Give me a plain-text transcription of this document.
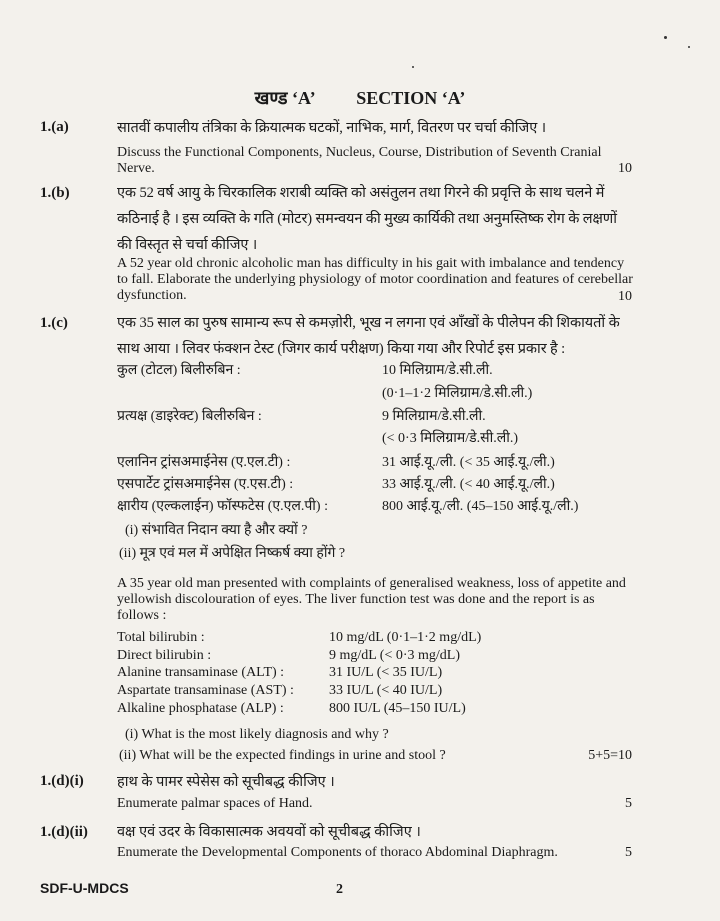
खण्ड ‘A’ SECTION ‘A’
1.(a)	सातवीं कपालीय तंत्रिका के क्रियात्मक घटकों, नाभिक, मार्ग, वितरण पर चर्चा कीजिए ।
Discuss the Functional Components, Nucleus, Course, Distribution of Seventh Cranial Nerve.	10
1.(b)	एक 52 वर्ष आयु के चिरकालिक शराबी व्यक्ति को असंतुलन तथा गिरने की प्रवृत्ति के साथ चलने में कठिनाई है । इस व्यक्ति के गति (मोटर) समन्वयन की मुख्य कार्यिकी तथा अनुमस्तिष्क रोग के लक्षणों की विस्तृत से चर्चा कीजिए ।
A 52 year old chronic alcoholic man has difficulty in his gait with imbalance and tendency to fall. Elaborate the underlying physiology of motor coordination and features of cerebellar dysfunction.	10
1.(c)	एक 35 साल का पुरुष सामान्य रूप से कमज़ोरी, भूख न लगना एवं आँखों के पीलेपन की शिकायतों के साथ आया । लिवर फंक्शन टेस्ट (जिगर कार्य परीक्षण) किया गया और रिपोर्ट इस प्रकार है :
कुल (टोटल) बिलीरुबिन :	10 मिलिग्राम/डे.सी.ली.
(0·1–1·2 मिलिग्राम/डे.सी.ली.)
प्रत्यक्ष (डाइरेक्ट) बिलीरुबिन :	9 मिलिग्राम/डे.सी.ली.
(< 0·3 मिलिग्राम/डे.सी.ली.)
एलानिन ट्रांसअमाईनेस (ए.एल.टी) :	31 आई.यू./ली. (< 35 आई.यू./ली.)
एसपार्टेट ट्रांसअमाईनेस (ए.एस.टी) :	33 आई.यू./ली. (< 40 आई.यू./ली.)
क्षारीय (एल्कलाईन) फॉस्फटेस (ए.एल.पी) :	800 आई.यू./ली. (45–150 आई.यू./ली.)
(i) संभावित निदान क्या है और क्यों ?
(ii) मूत्र एवं मल में अपेक्षित निष्कर्ष क्या होंगे ?
A 35 year old man presented with complaints of generalised weakness, loss of appetite and yellowish discolouration of eyes. The liver function test was done and the report is as follows :
Total bilirubin :	10 mg/dL (0·1–1·2 mg/dL)
Direct bilirubin :	9 mg/dL (< 0·3 mg/dL)
Alanine transaminase (ALT) :	31 IU/L (< 35 IU/L)
Aspartate transaminase (AST) :	33 IU/L (< 40 IU/L)
Alkaline phosphatase (ALP) :	800 IU/L (45–150 IU/L)
(i) What is the most likely diagnosis and why ?
(ii) What will be the expected findings in urine and stool ?	5+5=10
1.(d)(i) हाथ के पामर स्पेसेस को सूचीबद्ध कीजिए ।
Enumerate palmar spaces of Hand.	5
1.(d)(ii) वक्ष एवं उदर के विकासात्मक अवयवों को सूचीबद्ध कीजिए ।
Enumerate the Developmental Components of thoraco Abdominal Diaphragm.	5
SDF-U-MDCS	2
